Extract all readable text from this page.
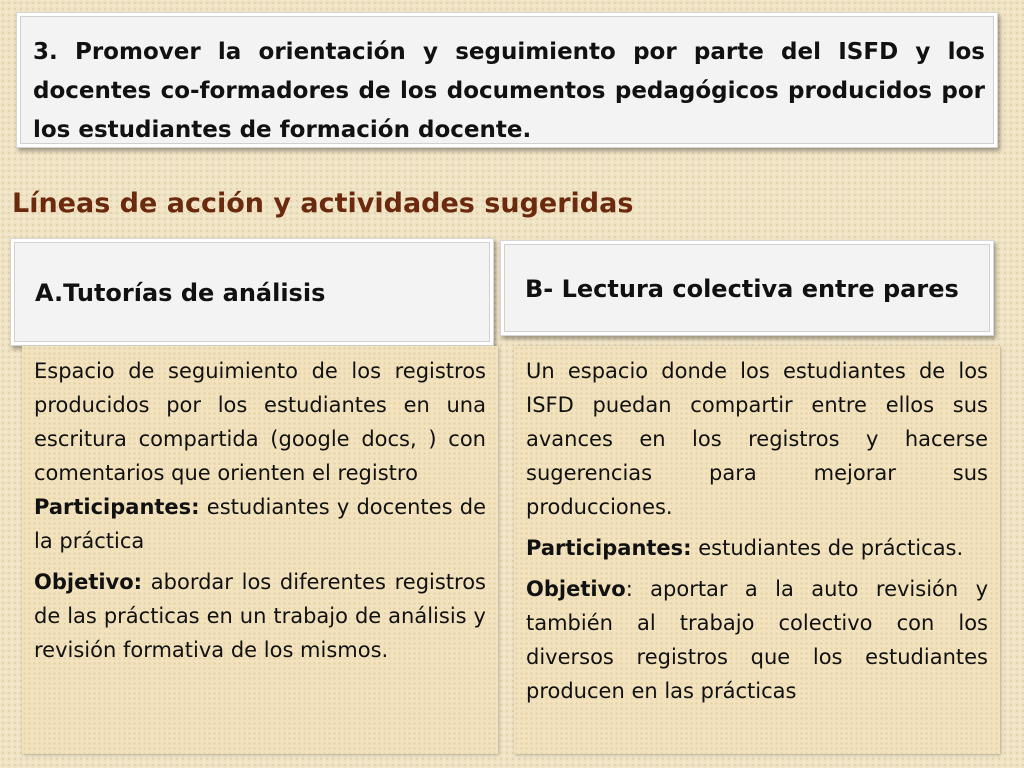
3. Promover la orientación y seguimiento por parte del ISFD y los docentes co-formadores de los documentos pedagógicos producidos por los estudiantes de formación docente.
Líneas de acción y actividades sugeridas
A.Tutorías de análisis	B- Lectura colectiva entre pares

Espacio de seguimiento de los registros producidos por los estudiantes en una escritura compartida (google docs, ) con comentarios que orienten el registro
Participantes: estudiantes y docentes de la práctica

Objetivo: abordar los diferentes registros de las prácticas en un trabajo de análisis y revisión formativa de los mismos.

Un espacio donde los estudiantes de los ISFD puedan compartir entre ellos sus avances en los registros y hacerse sugerencias para mejorar sus producciones.

Participantes: estudiantes de prácticas.

Objetivo: aportar a la auto revisión y también al trabajo colectivo con los diversos registros que los estudiantes producen en las prácticas
